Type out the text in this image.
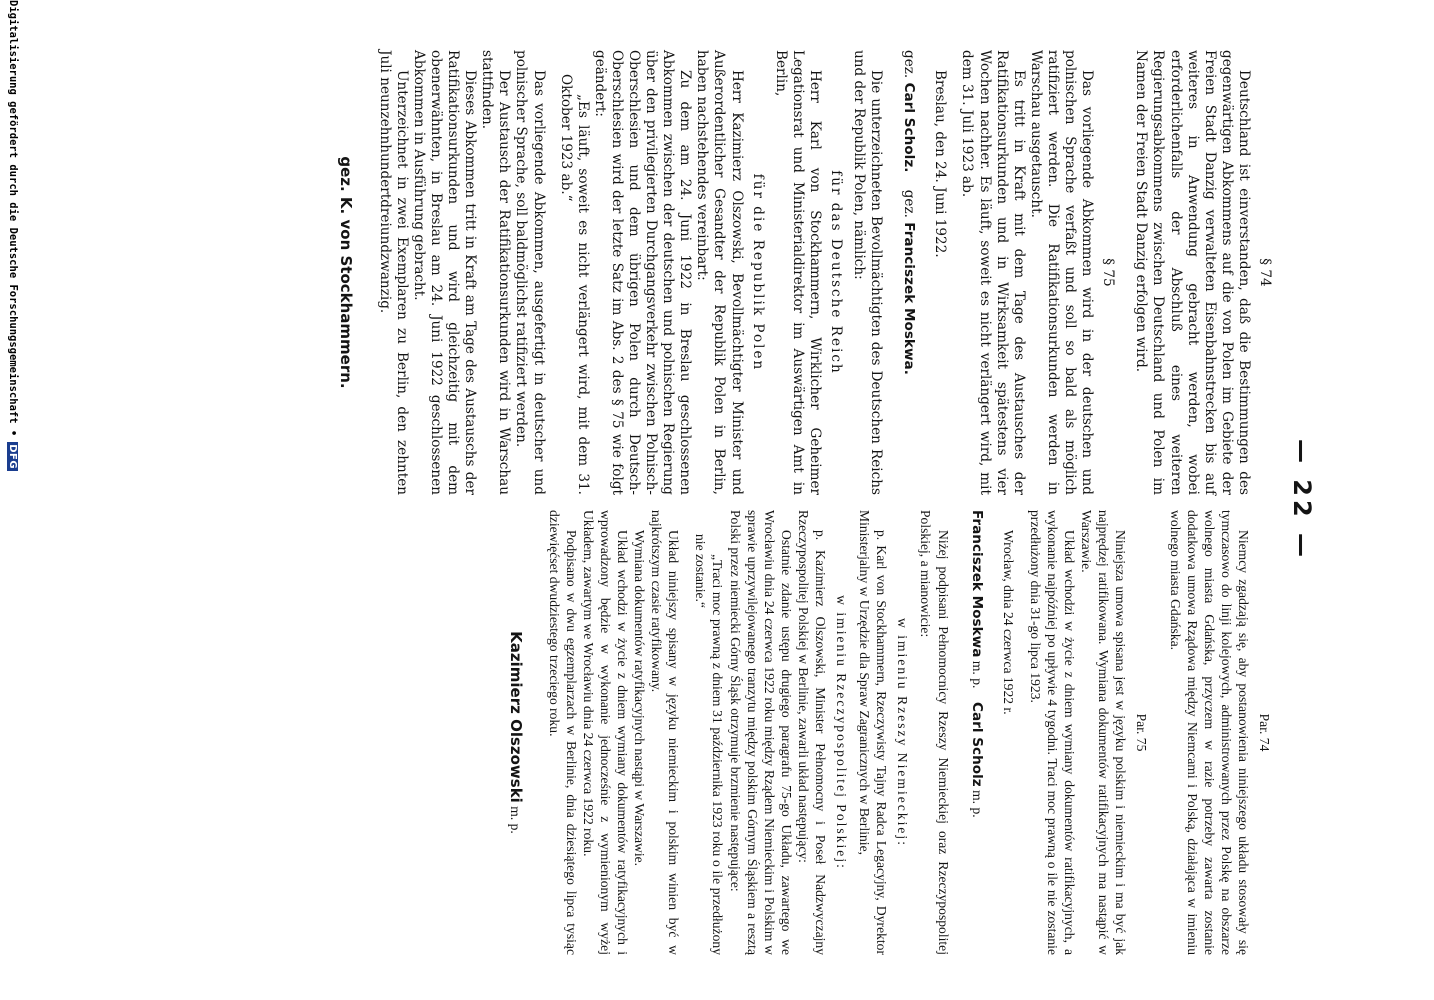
— 22 —

§ 74

Deutschland ist einverstanden, daß die Bestimmungen des gegenwärtigen Abkommens auf die von Polen im Gebiete der Freien Stadt Danzig verwalteten Eisenbahnstrecken bis auf weiteres in Anwendung gebracht werden, wobei erforderlichenfalls der Abschluß eines weiteren Regierungsabkommens zwischen Deutschland und Polen im Namen der Freien Stadt Danzig erfolgen wird.

§ 75

Das vorliegende Abkommen wird in der deutschen und polnischen Sprache verfaßt und soll so bald als möglich ratifiziert werden. Die Ratifikationsurkunden werden in Warschau ausgetauscht.

Es tritt in Kraft mit dem Tage des Austausches der Ratifikationsurkunden und in Wirksamkeit spätestens vier Wochen nachher. Es läuft, soweit es nicht verlängert wird, mit dem 31. Juli 1923 ab.

Breslau, den 24. Juni 1922.

gez. Carl Scholz.    gez. Franciszek Moskwa.

Die unterzeichneten Bevollmächtigten des Deutschen Reichs und der Republik Polen, nämlich:

für das Deutsche Reich

Herr Karl von Stockhammern, Wirklicher Geheimer Legationsrat und Ministerialdirektor im Auswärtigen Amt in Berlin,

für die Republik Polen

Herr Kazimierz Olszowski, Bevollmächtigter Minister und Außerordentlicher Gesandter der Republik Polen in Berlin, haben nachstehendes vereinbart:

Zu dem am 24. Juni 1922 in Breslau geschlossenen Abkommen zwischen der deutschen und polnischen Regierung über den privilegierten Durchgangsverkehr zwischen Polnisch-Oberschlesien und dem übrigen Polen durch Deutsch-Oberschlesien wird der letzte Satz im Abs. 2 des § 75 wie folgt geändert:

„Es läuft, soweit es nicht verlängert wird, mit dem 31. Oktober 1923 ab.“

Das vorliegende Abkommen, ausgefertigt in deutscher und polnischer Sprache, soll baldmöglichst ratifiziert werden.

Der Austausch der Ratifikationsurkunden wird in Warschau stattfinden.

Dieses Abkommen tritt in Kraft am Tage des Austauschs der Ratifikationsurkunden und wird gleichzeitig mit dem obenerwähnten, in Breslau am 24. Juni 1922 geschlossenen Abkommen in Ausführung gebracht.

Unterzeichnet in zwei Exemplaren zu Berlin, den zehnten Juli neunzehnhundertdreiundzwanzig.

gez. K. von Stockhammern.

Par. 74

Niemcy zgadzają się, aby postanowienia niniejszego układu stosowały się tymczasowo do linji kolejowych, administrowanych przez Polskę na obszarze wolnego miasta Gdańska, przyczem w razie potrzeby zawarta zostanie dodatkowa umowa Rządowa między Niemcami i Polską, działająca w imieniu wolnego miasta Gdańska.

Par. 75

Niniejsza umowa spisana jest w języku polskim i niemieckim i ma być jak najprędzej ratifikowana. Wymiana dokumentów ratifikacyjnych ma nastąpić w Warszawie.

Układ wchodzi w życie z dniem wymiany dokumentów ratifikacyjnych, a wykonanie najpóźniej po upływie 4 tygodni. Traci moc prawną o ile nie zostanie przedłużony dnia 31-go lipca 1923.

Wrocław, dnia 24 czerwca 1922 r.

Franciszek Moskwa m. p.    Carl Scholz m. p.

Niżej podpisani Pełnomocnicy Rzeszy Niemieckiej oraz Rzeczypospolitej Polskiej, a mianowicie:

w imieniu Rzeszy Niemieckiej:

p. Karl von Stockhammern, Rzeczywisty Tajny Radca Legacyjny, Dyrektor Ministerjalny w Urzędzie dla Spraw Zagranicznych w Berlinie,

w imieniu Rzeczypospolitej Polskiej:

p. Kazimierz Olszowski, Minister Pełnomocny i Poseł Nadzwyczajny Rzeczypospolitej Polskiej w Berlinie, zawarli układ następujący:

Ostatnie zdanie ustępu drugiego paragrafu 75-go Układu, zawartego we Wrocławiu dnia 24 czerwca 1922 roku między Rządem Niemieckim i Polskim w sprawie uprzywilejowanego tranzytu między polskim Górnym Śląskiem a resztą Polski przez niemiecki Górny Śląsk otrzymuje brzmienie następujące:

„Traci moc prawną z dniem 31 października 1923 roku o ile przedłużony nie zostanie.“

Układ niniejszy spisany w języku niemieckim i polskim winien być w najkrótszym czasie ratyfikowany.

Wymiana dokumentów ratyfikacyjnych nastąpi w Warszawie.

Układ wchodzi w życie z dniem wymiany dokumentów ratyfikacyjnych i wprowadzony będzie w wykonanie jednocześnie z wymienionym wyżej Układem, zawartym we Wrocławiu dnia 24 czerwca 1922 roku.

Podpisano w dwu egzemplarzach w Berlinie, dnia dziesiątego lipca tysiąc dziewięćset dwudziestego trzeciego roku.

Kazimierz Olszowski m. p.

Digitalisierung gefördert durch die Deutsche Forschungsgemeinschaft •DFG
